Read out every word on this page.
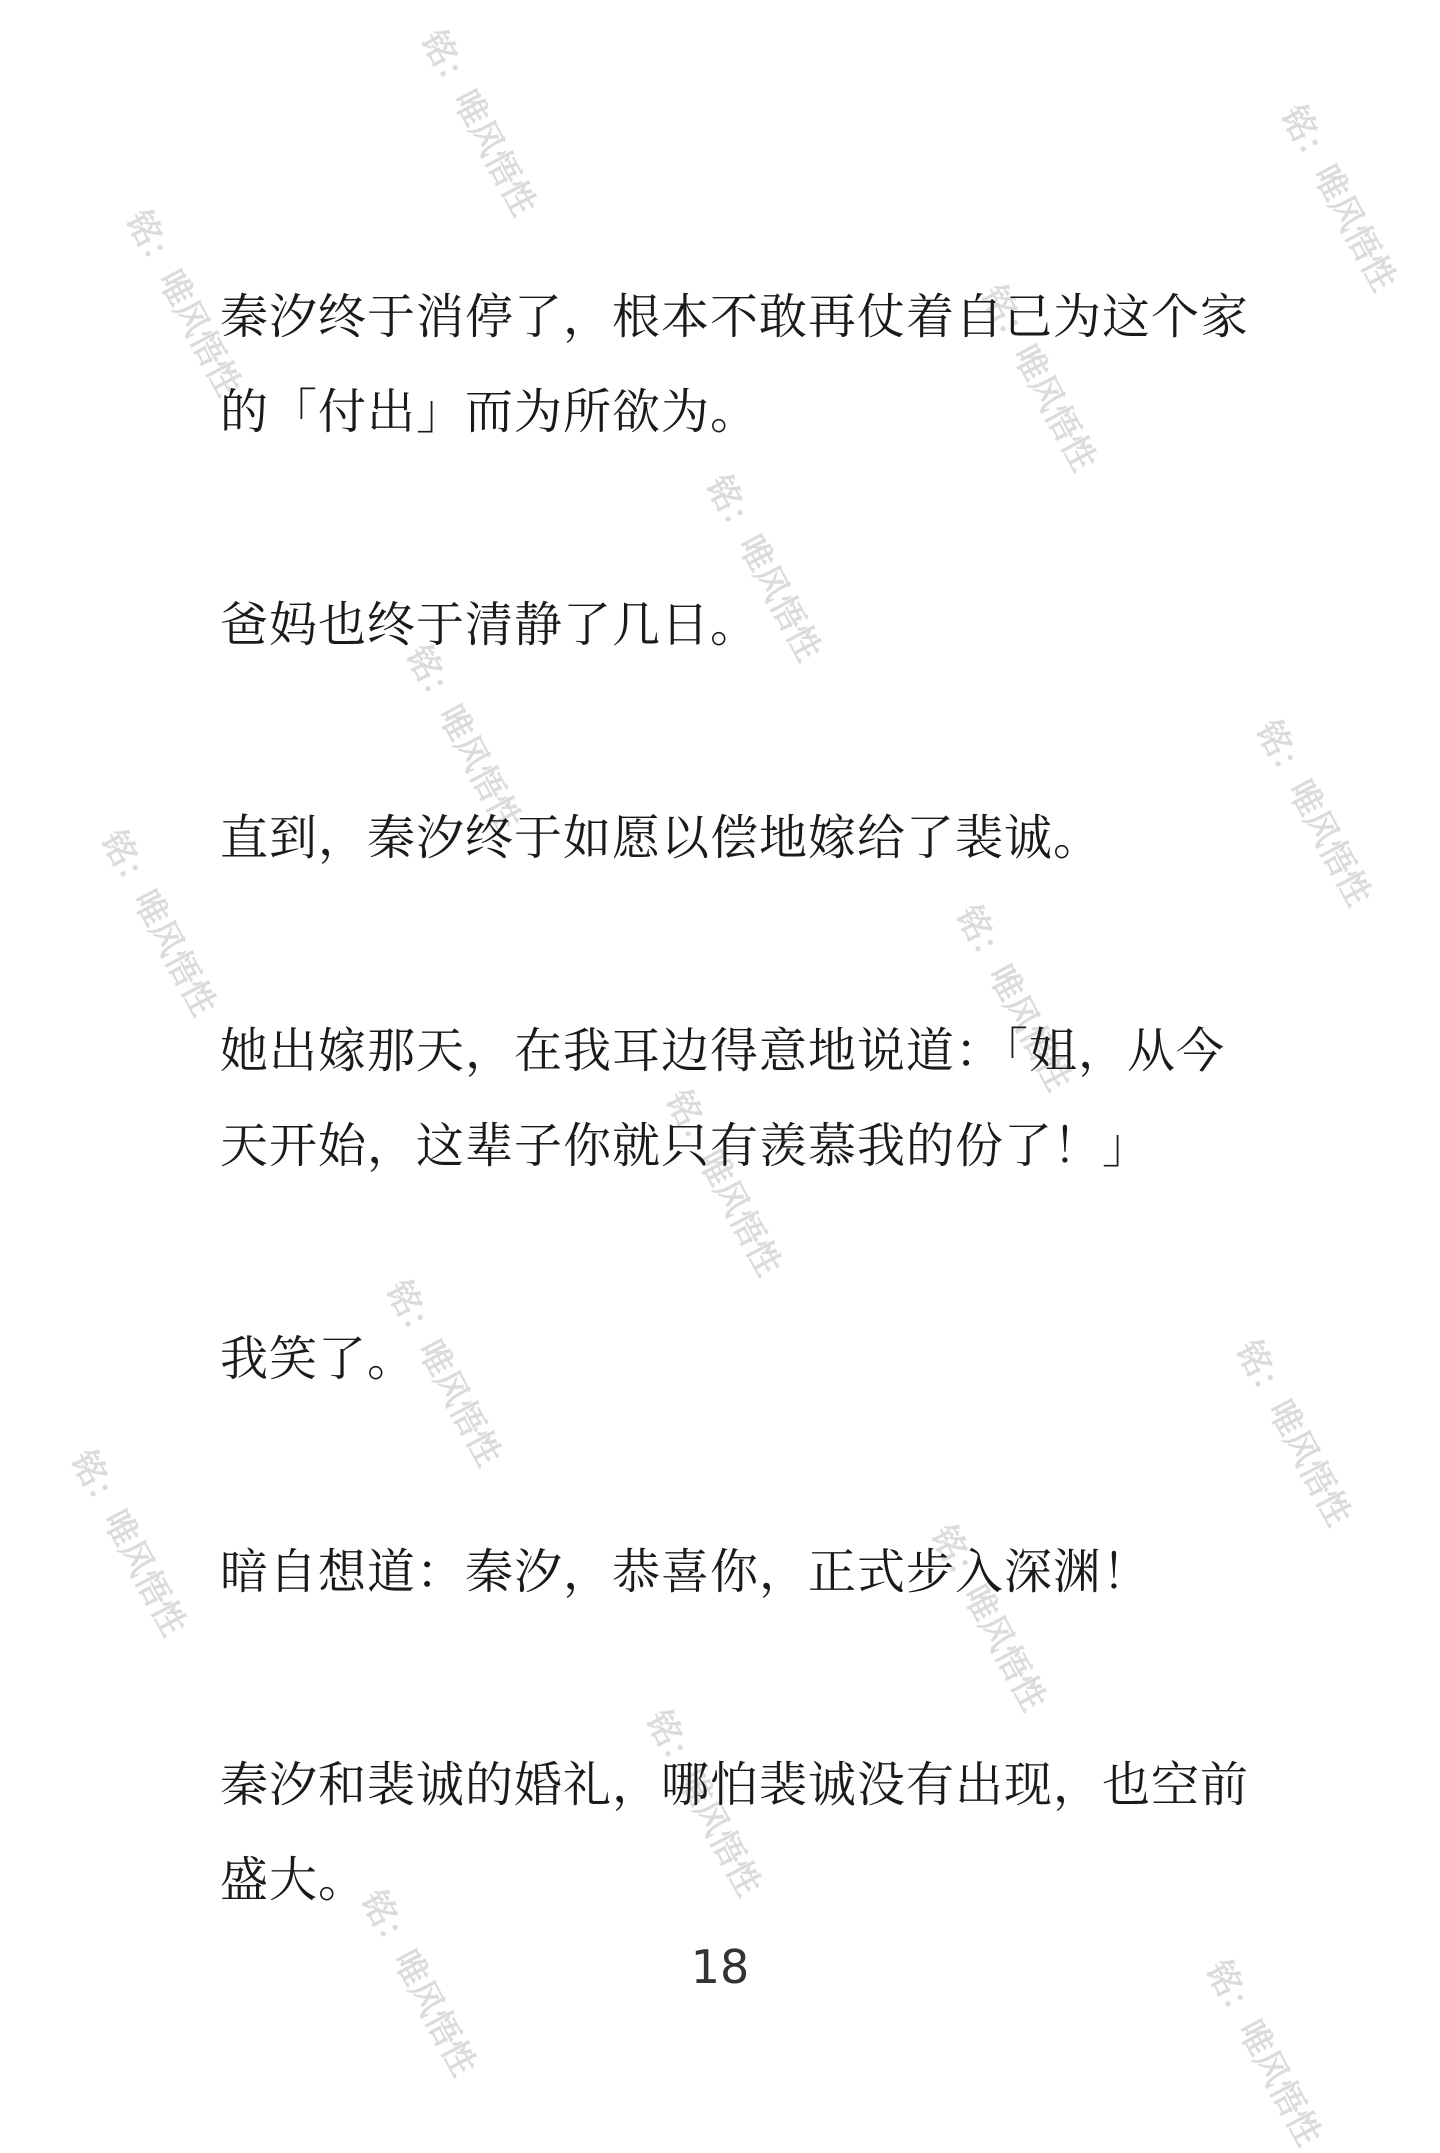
铭：唯风悟性	铭：唯风悟性
铭：唯风悟性	铭：唯风悟性
铭：唯风悟性
铭：唯风悟性	铭：唯风悟性
铭：唯风悟性	铭：唯风悟性
铭：唯风悟性
铭：唯风悟性	铭：唯风悟性
铭：唯风悟性	铭：唯风悟性
铭：唯风悟性
铭：唯风悟性	铭：唯风悟性

秦汐终于消停了，根本不敢再仗着自己为这个家的「付出」而为所欲为。

爸妈也终于清静了几日。

直到，秦汐终于如愿以偿地嫁给了裴诚。

她出嫁那天，在我耳边得意地说道：「姐，从今天开始，这辈子你就只有羡慕我的份了！」

我笑了。

暗自想道：秦汐，恭喜你，正式步入深渊！

秦汐和裴诚的婚礼，哪怕裴诚没有出现，也空前盛大。

18
